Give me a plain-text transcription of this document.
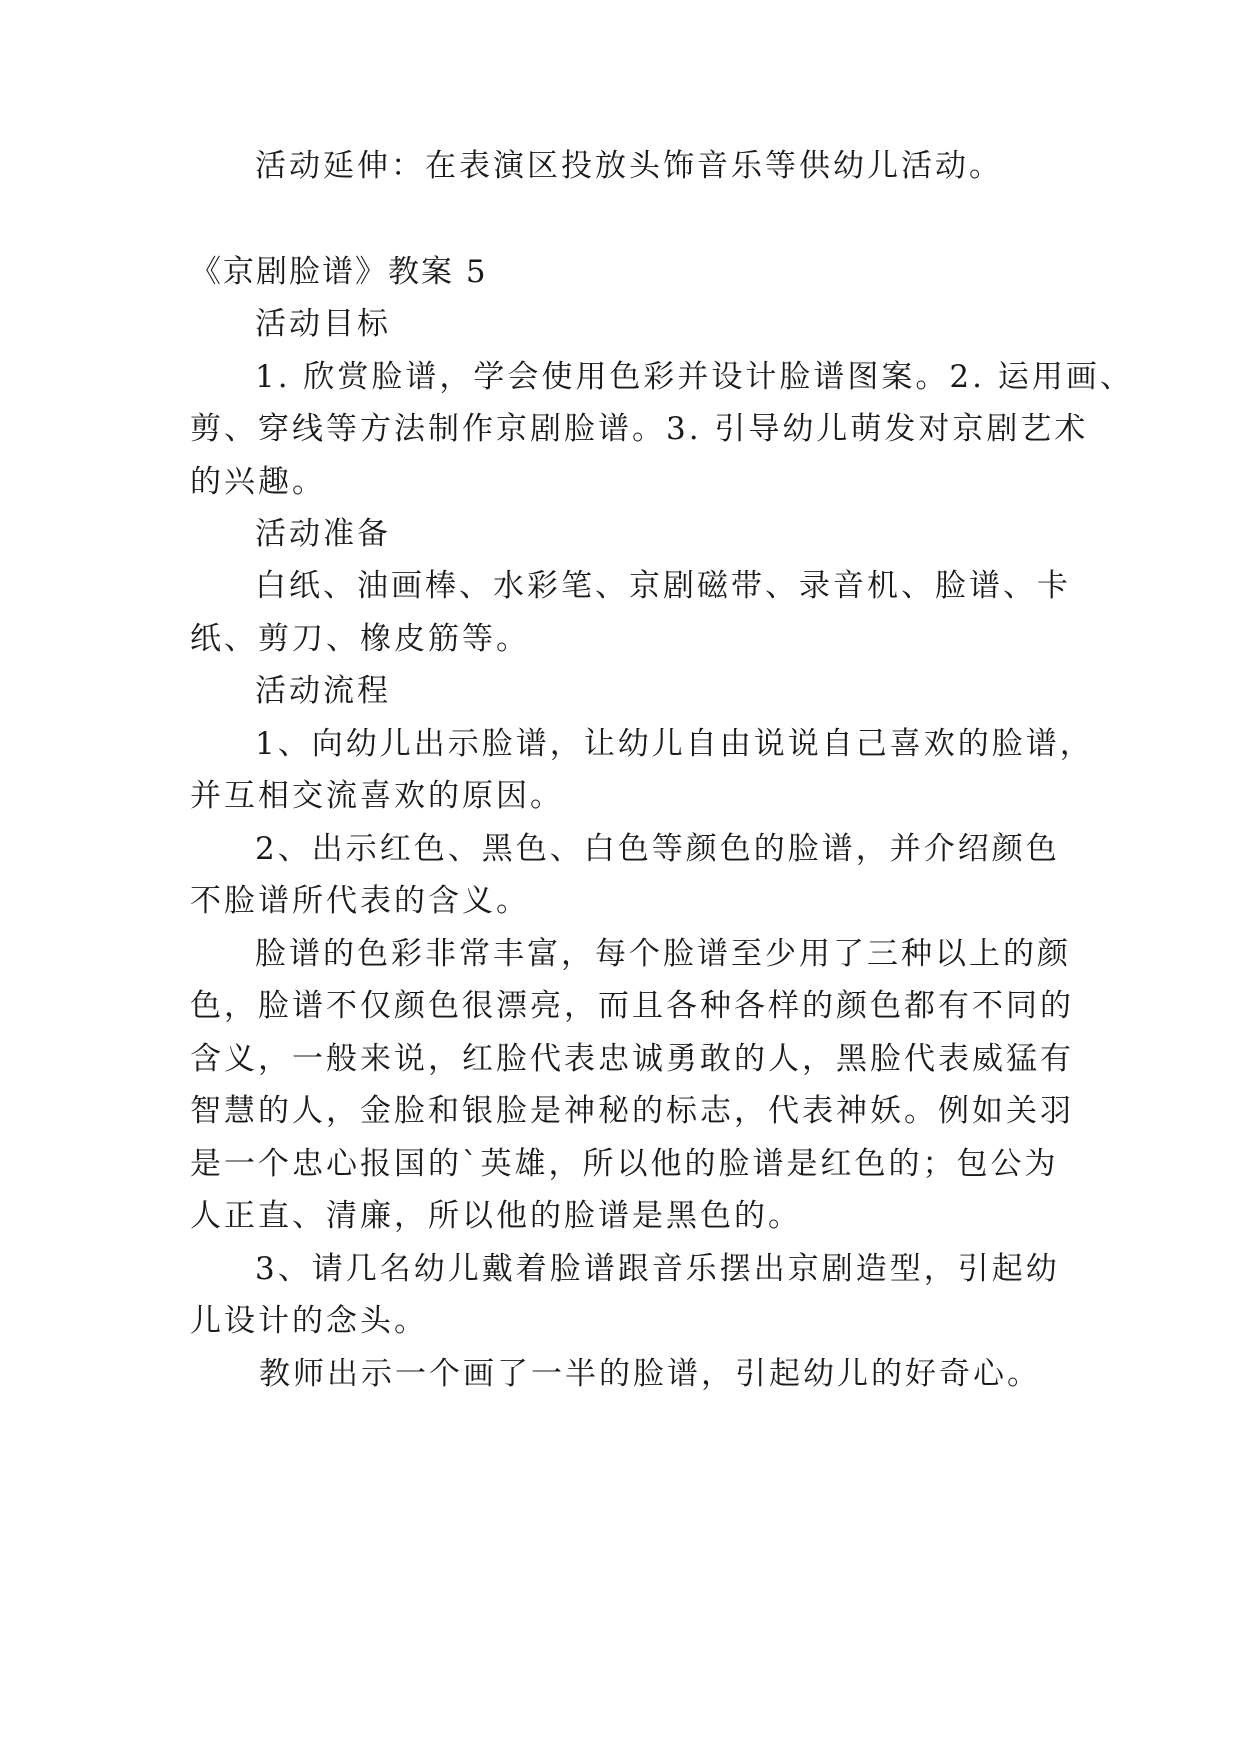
活动延伸：在表演区投放头饰音乐等供幼儿活动。
《京剧脸谱》教案 5
活动目标
1. 欣赏脸谱，学会使用色彩并设计脸谱图案。2. 运用画、
剪、穿线等方法制作京剧脸谱。3. 引导幼儿萌发对京剧艺术
的兴趣。
活动准备
白纸、油画棒、水彩笔、京剧磁带、录音机、脸谱、卡
纸、剪刀、橡皮筋等。
活动流程
1、向幼儿出示脸谱，让幼儿自由说说自己喜欢的脸谱，
并互相交流喜欢的原因。
2、出示红色、黑色、白色等颜色的脸谱，并介绍颜色
不脸谱所代表的含义。
脸谱的色彩非常丰富，每个脸谱至少用了三种以上的颜
色，脸谱不仅颜色很漂亮，而且各种各样的颜色都有不同的
含义，一般来说，红脸代表忠诚勇敢的人，黑脸代表威猛有
智慧的人，金脸和银脸是神秘的标志，代表神妖。例如关羽
是一个忠心报国的`英雄，所以他的脸谱是红色的；包公为
人正直、清廉，所以他的脸谱是黑色的。
3、请几名幼儿戴着脸谱跟音乐摆出京剧造型，引起幼
儿设计的念头。
教师出示一个画了一半的脸谱，引起幼儿的好奇心。
